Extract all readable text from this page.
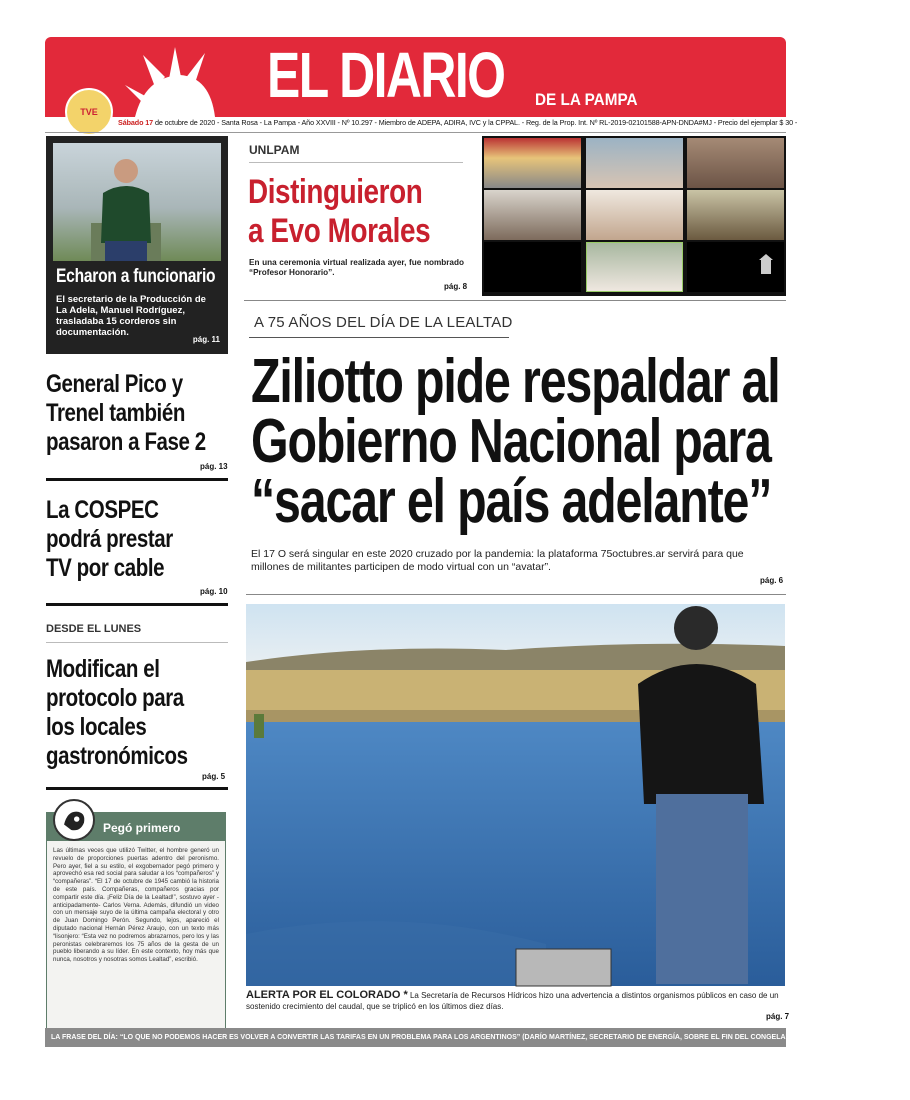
EL DIARIO DE LA PAMPA
TVE
Sábado 17 de octubre de 2020 - Santa Rosa - La Pampa - Año XXVIII - Nº 10.297 - Miembro de ADEPA, ADIRA, IVC y la CPPAL. - Reg. de la Prop. Int. Nº RL-2019-02101588-APN-DNDA#MJ - Precio del ejemplar $ 30 -
Echaron a funcionario
El secretario de la Producción de La Adela, Manuel Rodríguez, trasladaba 15 corderos sin documentación.
pág. 11
General Pico y
Trenel también
pasaron a Fase 2
pág. 13
La COSPEC
podrá prestar
TV por cable
pág. 10
DESDE EL LUNES
Modifican el
protocolo para
los locales
gastronómicos
pág. 5
Pegó primero
Las últimas veces que utilizó Twitter, el hombre generó un revuelo de proporciones puertas adentro del peronismo. Pero ayer, fiel a su estilo, el exgobernador pegó primero y aprovechó esa red social para saludar a los “compañeros” y “compañeras”. “El 17 de octubre de 1945 cambió la historia de este país. Compañeras, compañeros gracias por compartir este día. ¡Feliz Día de la Lealtad!”, sostuvo ayer -anticipadamente- Carlos Verna. Además, difundió un video con un mensaje suyo de la última campaña electoral y otro de Juan Domingo Perón. Segundo, lejos, apareció el diputado nacional Hernán Pérez Araujo, con un texto más “lisonjero: “Esta vez no podremos abrazarnos, pero los y las peronistas celebraremos los 75 años de la gesta de un pueblo liberando a su líder. En este contexto, hoy más que nunca, nosotros y nosotras somos Lealtad”, escribió.
UNLPAM
Distinguieron
a Evo Morales
En una ceremonia virtual realizada ayer, fue nombrado “Profesor Honorario”.
pág. 8
A 75 AÑOS DEL DÍA DE LA LEALTAD
Ziliotto pide respaldar al
Gobierno Nacional para
“sacar el país adelante”
El 17 O será singular en este 2020 cruzado por la pandemia: la plataforma 75octubres.ar servirá para que millones de militantes participen de modo virtual con un “avatar”.
pág. 6
ALERTA POR EL COLORADO * La Secretaría de Recursos Hídricos hizo una advertencia a distintos organismos públicos en caso de un sostenido crecimiento del caudal, que se triplicó en los últimos diez días.
pág. 7
LA FRASE DEL DÍA: “LO QUE NO PODEMOS HACER ES VOLVER A CONVERTIR LAS TARIFAS EN UN PROBLEMA PARA LOS ARGENTINOS” (DARÍO MARTÍNEZ, SECRETARIO DE ENERGÍA, SOBRE EL FIN DEL CONGELAMIENTO DESDE DICIEMBRE). pág. 15
